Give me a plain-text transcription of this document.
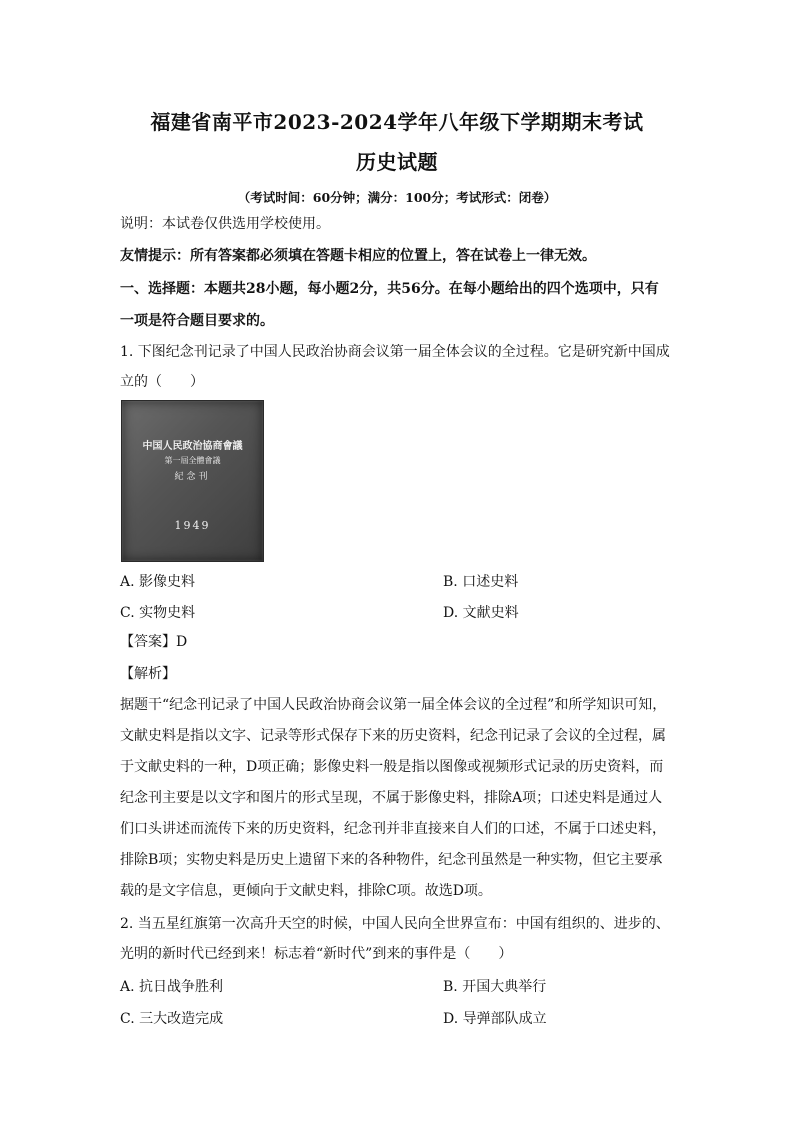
福建省南平市2023-2024学年八年级下学期期末考试
历史试题
（考试时间：60分钟；满分：100分；考试形式：闭卷）
说明：本试卷仅供选用学校使用。
友情提示：所有答案都必须填在答题卡相应的位置上，答在试卷上一律无效。
一、选择题：本题共28小题，每小题2分，共56分。在每小题给出的四个选项中，只有
一项是符合题目要求的。
1. 下图纪念刊记录了中国人民政治协商会议第一届全体会议的全过程。它是研究新中国成
立的（　　）
中国人民政治協商會議
第一屆全體會議
紀念刊
1949
A. 影像史料	B. 口述史料
C. 实物史料	D. 文献史料
【答案】D
【解析】
据题干“纪念刊记录了中国人民政治协商会议第一届全体会议的全过程”和所学知识可知，
文献史料是指以文字、记录等形式保存下来的历史资料，纪念刊记录了会议的全过程，属
于文献史料的一种，D项正确；影像史料一般是指以图像或视频形式记录的历史资料，而
纪念刊主要是以文字和图片的形式呈现，不属于影像史料，排除A项；口述史料是通过人
们口头讲述而流传下来的历史资料，纪念刊并非直接来自人们的口述，不属于口述史料，
排除B项；实物史料是历史上遗留下来的各种物件，纪念刊虽然是一种实物，但它主要承
载的是文字信息，更倾向于文献史料，排除C项。故选D项。
2. 当五星红旗第一次高升天空的时候，中国人民向全世界宣布：中国有组织的、进步的、
光明的新时代已经到来！标志着“新时代”到来的事件是（　　）
A. 抗日战争胜利	B. 开国大典举行
C. 三大改造完成	D. 导弹部队成立
